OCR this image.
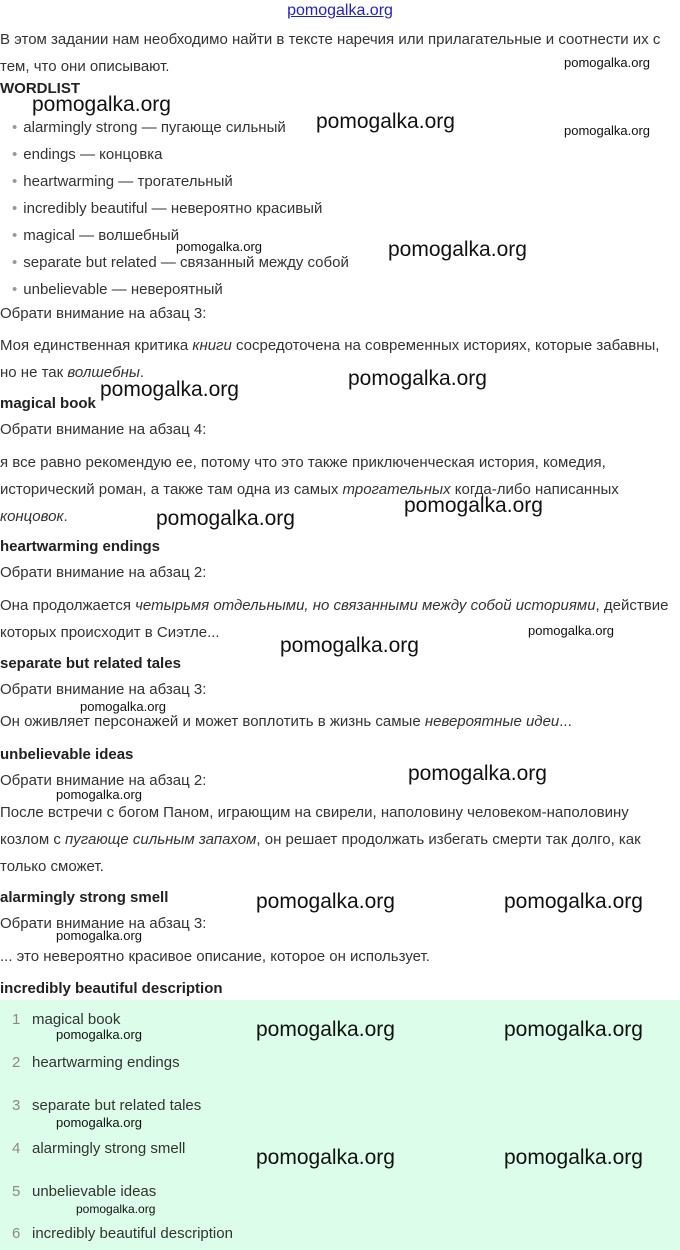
pomogalka.org
В этом задании нам необходимо найти в тексте наречия или прилагательные и соотнести их с тем, что они описывают.
WORDLIST
• alarmingly strong — пугающе сильный
• endings — концовка
• heartwarming — трогательный
• incredibly beautiful — невероятно красивый
• magical — волшебный
• separate but related — связанный между собой
• unbelievable — невероятный
Обрати внимание на абзац 3:
Моя единственная критика книги сосредоточена на современных историях, которые забавны, но не так волшебны.
magical book
Обрати внимание на абзац 4:
я все равно рекомендую ее, потому что это также приключенческая история, комедия, исторический роман, а также там одна из самых трогательных когда-либо написанных концовок.
heartwarming endings
Обрати внимание на абзац 2:
Она продолжается четырьмя отдельными, но связанными между собой историями, действие которых происходит в Сиэтле...
separate but related tales
Обрати внимание на абзац 3:
Он оживляет персонажей и может воплотить в жизнь самые невероятные идеи...
unbelievable ideas
Обрати внимание на абзац 2:
После встречи с богом Паном, играющим на свирели, наполовину человеком-наполовину козлом с пугающе сильным запахом, он решает продолжать избегать смерти так долго, как только сможет.
alarmingly strong smell
Обрати внимание на абзац 3:
... это невероятно красивое описание, которое он использует.
incredibly beautiful description
1 magical book
2 heartwarming endings
3 separate but related tales
4 alarmingly strong smell
5 unbelievable ideas
6 incredibly beautiful description
pomogalka.org
pomogalka.org
pomogalka.org
pomogalka.org
pomogalka.org	pomogalka.org
pomogalka.org
pomogalka.org
pomogalka.org
pomogalka.org
pomogalka.org
pomogalka.org
pomogalka.org
pomogalka.org
pomogalka.org
pomogalka.org	pomogalka.org
pomogalka.org
pomogalka.org	pomogalka.org
pomogalka.org
pomogalka.org
pomogalka.org	pomogalka.org
pomogalka.org
